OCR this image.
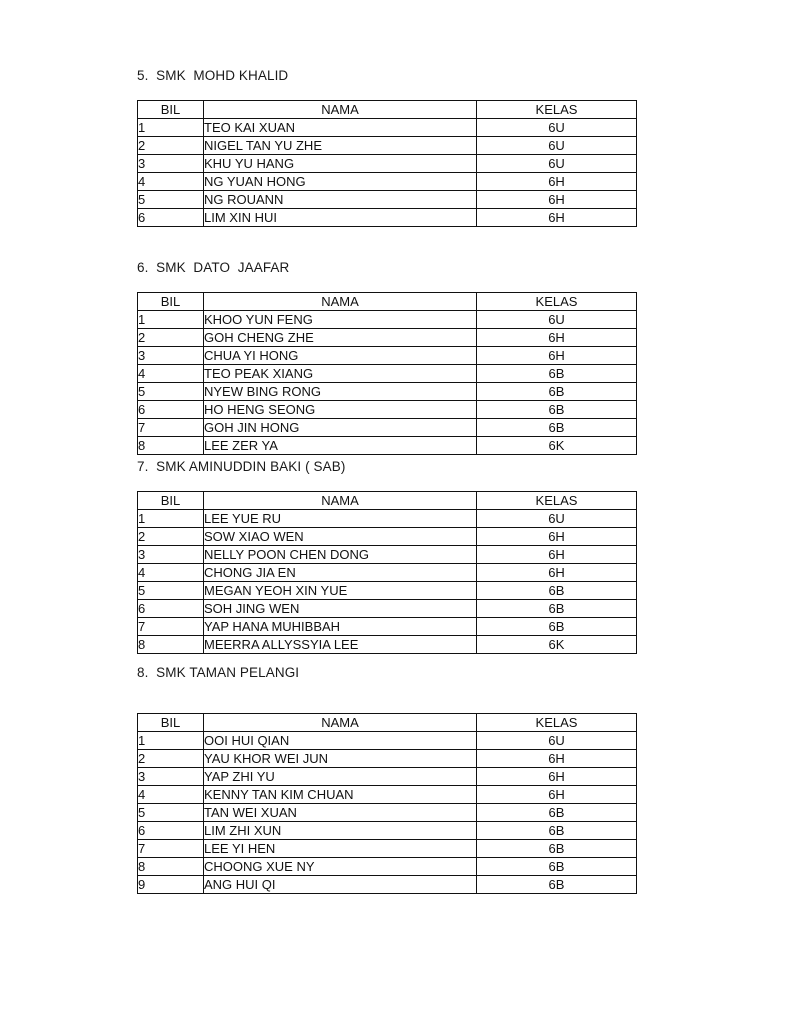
5.  SMK  MOHD KHALID
BIL	NAMA	KELAS
1	TEO KAI XUAN	6U
2	NIGEL TAN YU ZHE	6U
3	KHU YU HANG	6U
4	NG YUAN HONG	6H
5	NG ROUANN	6H
6	LIM XIN HUI	6H
6.  SMK  DATO  JAAFAR
BIL	NAMA	KELAS
1	KHOO YUN FENG	6U
2	GOH CHENG ZHE	6H
3	CHUA YI HONG	6H
4	TEO PEAK XIANG	6B
5	NYEW BING RONG	6B
6	HO HENG SEONG	6B
7	GOH JIN HONG	6B
8	LEE ZER YA	6K
7.  SMK AMINUDDIN BAKI ( SAB)
BIL	NAMA	KELAS
1	LEE YUE RU	6U
2	SOW XIAO WEN	6H
3	NELLY POON CHEN DONG	6H
4	CHONG JIA EN	6H
5	MEGAN YEOH XIN YUE	6B
6	SOH JING WEN	6B
7	YAP HANA MUHIBBAH	6B
8	MEERRA ALLYSSYIA LEE	6K
8.  SMK TAMAN PELANGI
BIL	NAMA	KELAS
1	OOI HUI QIAN	6U
2	YAU KHOR WEI JUN	6H
3	YAP ZHI YU	6H
4	KENNY TAN KIM CHUAN	6H
5	TAN WEI XUAN	6B
6	LIM ZHI XUN	6B
7	LEE YI HEN	6B
8	CHOONG XUE NY	6B
9	ANG HUI QI	6B
